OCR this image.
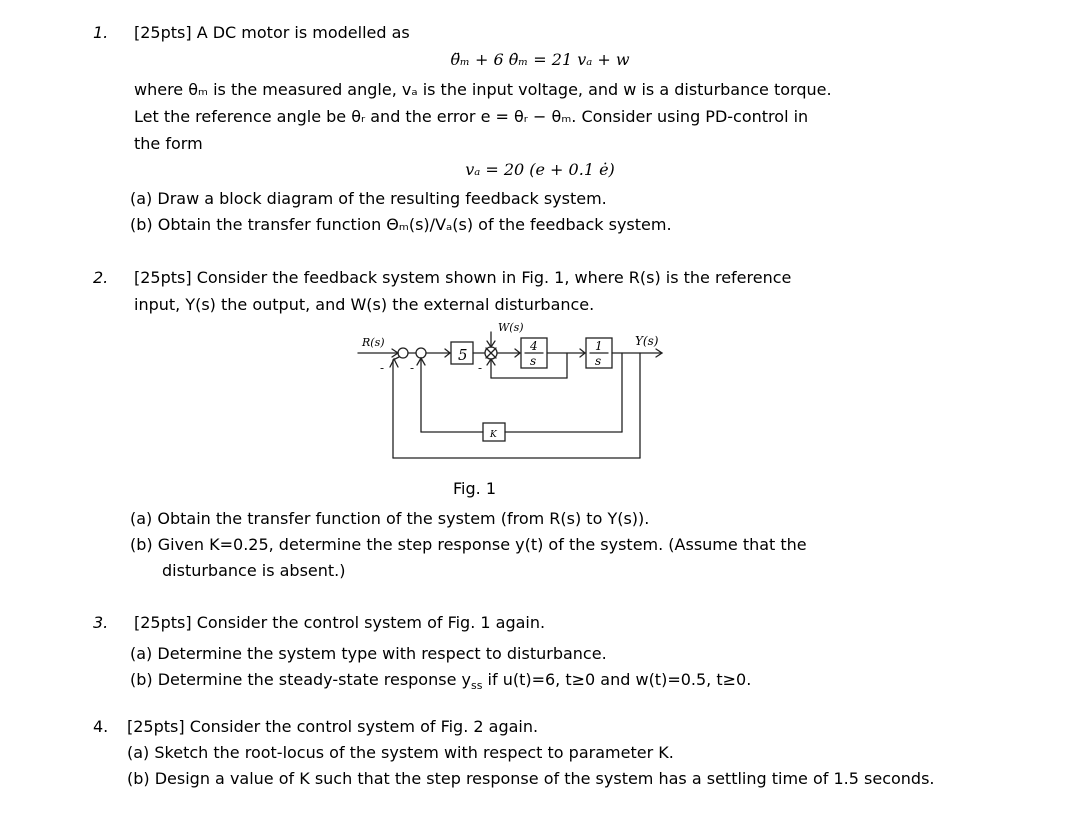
1. [25pts] A DC motor is modelled as
θ̈ₘ + 6 θ̇ₘ = 21 vₐ + w
where θₘ is the measured angle, vₐ is the input voltage, and w is a disturbance torque.
Let the reference angle be θᵣ and the error e = θᵣ − θₘ. Consider using PD-control in
the form
vₐ = 20 (e + 0.1 ė)
(a) Draw a block diagram of the resulting feedback system.
(b) Obtain the transfer function Θₘ(s)/Vₐ(s) of the feedback system.
2. [25pts] Consider the feedback system shown in Fig. 1, where R(s) is the reference
input, Y(s) the output, and W(s) the external disturbance.
R(s)	Y(s)
W(s)
5	4
s
1
s
K
- -	-
Fig. 1
(a) Obtain the transfer function of the system (from R(s) to Y(s)).
(b) Given K=0.25, determine the step response y(t) of the system. (Assume that the
disturbance is absent.)
3. [25pts] Consider the control system of Fig. 1 again.
(a) Determine the system type with respect to disturbance.
(b) Determine the steady-state response $y_{ss}$ if u(t)=6, t≥0 and w(t)=0.5, t≥0.
4. [25pts] Consider the control system of Fig. 2 again.
(a) Sketch the root-locus of the system with respect to parameter K.
(b) Design a value of K such that the step response of the system has a settling time of 1.5 seconds.
